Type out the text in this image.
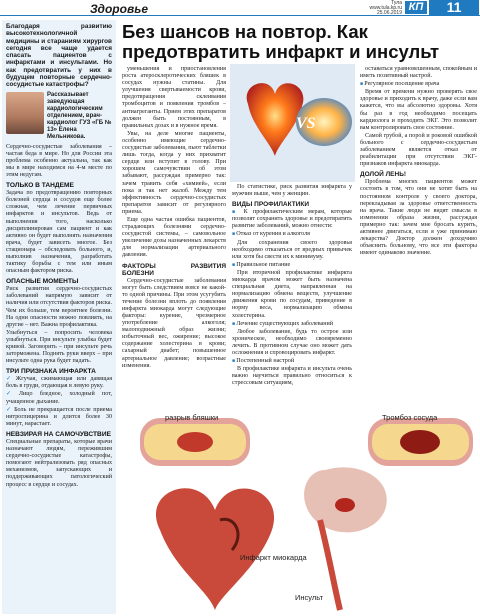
Здоровье	Тула
www.tula.kp.ru
25.06.2019 КП	11

Благодаря развитию высокотехнологичной медицины и стараниям хирургов сегодня все чаще удается спасать пациентов с инфарктами и инсультами. Но как предотвратить у них в будущем повторные сердечно-сосудистые катастрофы?

Рассказывает заведующая кардиологическим отделением, врач-кардиолог ГУЗ «ГБ № 13» Елена Мельникова.

Сердечно-сосудистые заболевания – частая беда в мире. Но для России эта проблема особенно актуальна, так как мы в мире находимся на 4-м месте по этим недугам.

ТОЛЬКО В ТАНДЕМЕ

Задача по предотвращению повторных болезней сердца и сосудов еще более сложная, чем лечение первичных инфарктов и инсультов. Ведь от выполнения того, насколько дисциплинирован сам пациент и как активно он будет выполнять назначения врача, будет зависеть многое. Без стационара – обследовать больного, и, выполнив назначения, разработать тактику борьбы с тем или иным опасным фактором риска.

ОПАСНЫЕ МОМЕНТЫ

Риск развития сердечно-сосудистых заболеваний напрямую зависит от наличия или отсутствия факторов риска. Чем их больше, тем вероятнее болезни. На одни опасности можно повлиять, на другие – нет. Важна профилактика.

Улыбнуться – попросить человека улыбнуться. При инсульте улыбка будет кривой. Заговорить – при инсульте речь заторможена. Поднять руки вверх – при инсульте одна рука будет падать.

ТРИ ПРИЗНАКА ИНФАРКТА

✓ Жгучая, сжимающая или давящая боль в груди, отдающая в левую руку.

✓ Лицо бледное, холодный пот, учащенное дыхание.

✓ Боль не прекращается после приема нитроглицерина и длится более 30 минут, нарастает.

НЕВЗИРАЯ НА САМОЧУВСТВИЕ

Специальные препараты, которые врачи назначают людям, пережившим сердечно-сосудистые катастрофы, помогают нейтрализовать ряд опасных механизмов, запускающих и поддерживающих патологический процесс в сердце и сосудах.

Без шансов на повтор. Как предотвратить инфаркт и инсульт
VS

уменьшения и приостановления роста атеросклеротических бляшек в сосудах нужны статины. Для улучшения свертываемости крови, предотвращения склеивания тромбоцитов и появления тромбов – антиагреганты. Прием этих препаратов должен быть постоянным, в правильных дозах и в нужное время.

Увы, на деле многие пациенты, особенно имеющие сердечно-сосудистые заболевания, пьют таблетки лишь тогда, когда у них прихватит сердце или вступит в голову. При хорошем самочувствии об этом забывают, рассуждая примерно так: зачем травить себя «химией», если пока и так нет жалоб. Между тем эффективность сердечно-сосудистых препаратов зависит от регулярного приема.

Еще одна частая ошибка пациентов, страдающих болезнями сердечно-сосудистой системы, – самовольное увеличение дозы назначенных лекарств для нормализации артериального давления.

ФАКТОРЫ РАЗВИТИЯ БОЛЕЗНИ

Сердечно-сосудистые заболевания могут быть следствием вовсе не какой-то одной причины. При этом усугубить течение болезни вплоть до появления инфаркта миокарда могут следующие факторы: курение, чрезмерное употребление алкоголя; малоподвижный образ жизни; избыточный вес, ожирение; высокое содержание холестерина в крови; сахарный диабет; повышенное артериальное давление; возрастные изменения.

По статистике, риск развития инфаркта у мужчин выше, чем у женщин.

ВИДЫ ПРОФИЛАКТИКИ

■ К профилактическим мерам, которые позволят сохранить здоровье и предотвратить развитие заболеваний, можно отнести:

■ Отказ от курения и алкоголя

Для сохранения своего здоровья необходимо отказаться от вредных привычек или хотя бы свести их к минимуму.

■ Правильное питание

При вторичной профилактике инфаркта миокарда врачом может быть назначена специальная диета, направленная на нормализацию обмена веществ, улучшение движения крови по сосудам, приведение в норму веса, нормализацию обмена холестерина.

■ Лечение существующих заболеваний

Любое заболевание, будь то острое или хроническое, необходимо своевременно лечить. В противном случае оно может дать осложнения и спровоцировать инфаркт.

■ Постепенный настрой

В профилактике инфаркта и инсульта очень важно научиться правильно относиться к стрессовым ситуациям,

оставаться уравновешенным, спокойным и иметь позитивный настрой.

■ Регулярное посещение врача

Время от времени нужно проверять свое здоровье и приходить к врачу, даже если вам кажется, что вы абсолютно здоровы. Хотя бы раз в год необходимо посещать кардиолога и проходить ЭКГ. Это позволит вам контролировать свое состояние.

Самой грубой, а порой и роковой ошибкой больного с сердечно-сосудистым заболеванием является отказ от реабилитации при отсутствии ЭКГ-признаков инфаркта миокарда.

ДОЛОЙ ЛЕНЬ!

Проблема многих пациентов может состоять в том, что они не хотят быть на постоянном контроле у своего доктора, перекладывая за здоровье ответственность на врача. Такие люди не видят смысла в изменении образа жизни, рассуждая примерно так: зачем мне бросать курить, активнее двигаться, если я уже принимаю лекарства? Доктор должен доходчиво объяснить больному, что все эти факторы имеют одинаково значение.

разрыв бляшки	Тромбоз сосуда
Инфаркт миокарда
Инсульт
